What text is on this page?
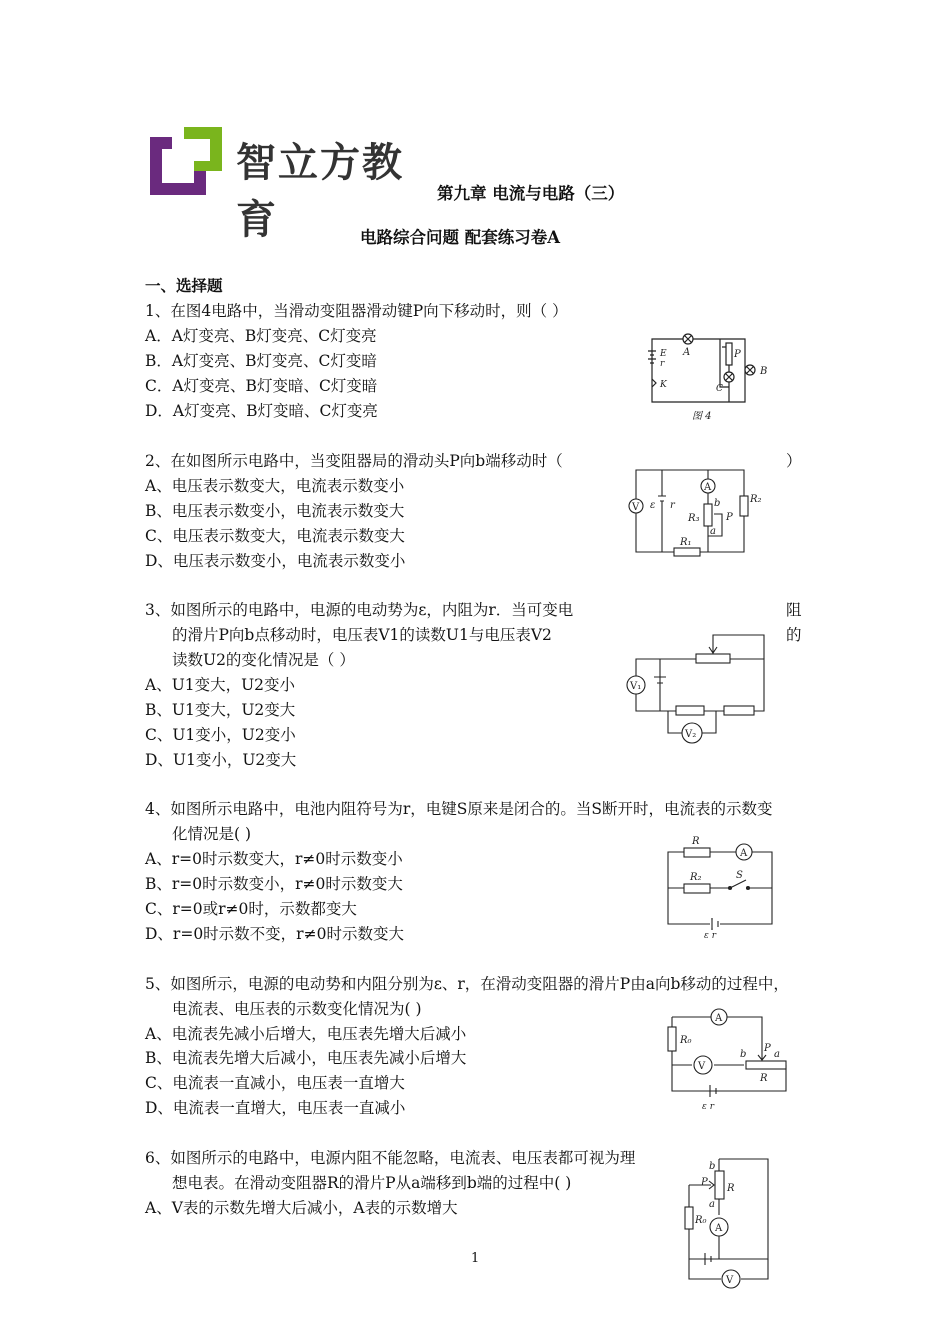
智立方教育
第九章 电流与电路（三）
电路综合问题 配套练习卷A
一、选择题
1、在图4电路中，当滑动变阻器滑动键P向下移动时，则（ ）
A．A灯变亮、B灯变亮、C灯变亮
B．A灯变亮、B灯变亮、C灯变暗
C．A灯变亮、B灯变暗、C灯变暗
D．A灯变亮、B灯变暗、C灯变亮
E
r
K
A	P
C
B
图 4
2、在如图所示电路中，当变阻器局的滑动头P向b端移动时（	）
A、电压表示数变大，电流表示数变小
B、电压表示数变小，电流表示数变大
C、电压表示数变大，电流表示数变大
D、电压表示数变小，电流表示数变小
V
A
ε r	b
R₃	P
a
R₂
R₁
3、如图所示的电路中，电源的电动势为ε，内阻为r．当可变电	阻
的滑片P向b点移动时，电压表V1的读数U1与电压表V2	的
读数U2的变化情况是（ ）
A、U1变大，U2变小
B、U1变大，U2变大
C、U1变小，U2变小
D、U1变小，U2变大
V₁
V₂
4、如图所示电路中，电池内阻符号为r，电键S原来是闭合的。当S断开时，电流表的示数变
化情况是( )
A、r=0时示数变大，r≠0时示数变小
B、r=0时示数变小，r≠0时示数变大
C、r=0或r≠0时，示数都变大
D、r=0时示数不变，r≠0时示数变大
A
R
R₂	S
ε r
5、如图所示，电源的电动势和内阻分别为ε、r，在滑动变阻器的滑片P由a向b移动的过程中，
电流表、电压表的示数变化情况为( )
A、电流表先减小后增大，电压表先增大后减小
B、电流表先增大后减小，电压表先减小后增大
C、电流表一直减小，电压表一直增大
D、电流表一直增大，电压表一直减小
A
V
R₀
b
P
a
R
ε r
6、如图所示的电路中，电源内阻不能忽略，电流表、电压表都可视为理
想电表。在滑动变阻器R的滑片P从a端移到b端的过程中( )
A、V表的示数先增大后减小，A表的示数增大
A
V
P
b
a
R
R₀
1
